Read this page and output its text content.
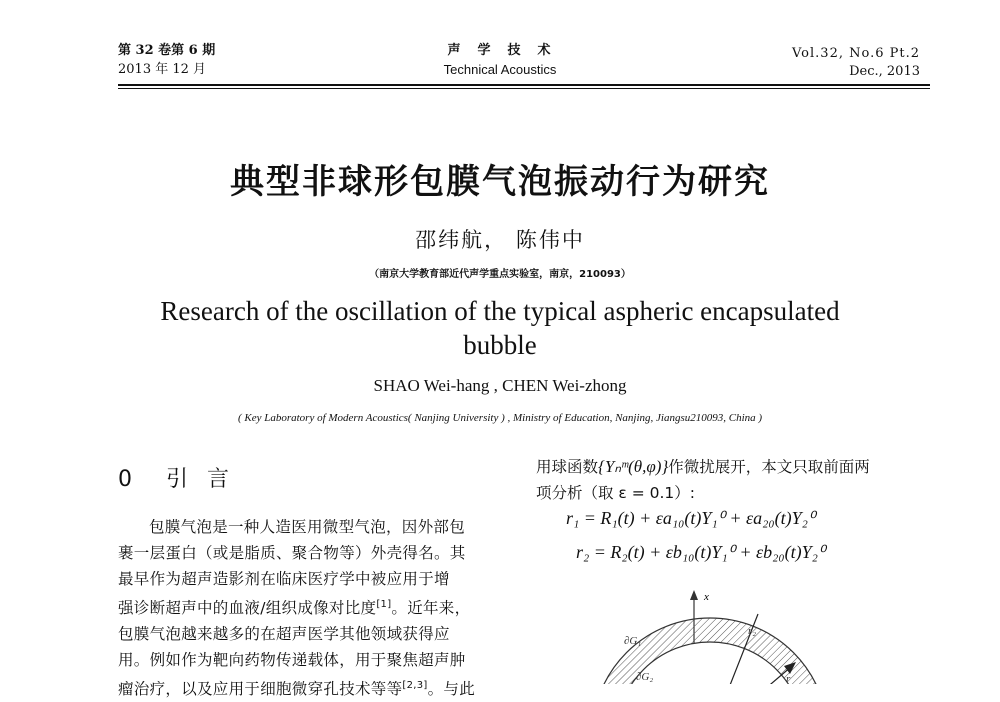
第 32 卷第 6 期
2013 年 12 月
声　学　技　术
Technical Acoustics
Vol.32, No.6 Pt.2
Dec., 2013
典型非球形包膜气泡振动行为研究
邵纬航， 陈伟中
（南京大学教育部近代声学重点实验室，南京，210093）
Research of the oscillation of the typical aspheric encapsulated
bubble
SHAO Wei-hang , CHEN Wei-zhong
( Key Laboratory of Modern Acoustics( Nanjing University ) , Ministry of Education, Nanjing, Jiangsu210093, China )
0　引 言
包膜气泡是一种人造医用微型气泡，因外部包
裹一层蛋白（或是脂质、聚合物等）外壳得名。其
最早作为超声造影剂在临床医疗学中被应用于增
强诊断超声中的血液/组织成像对比度[1]。近年来，
包膜气泡越来越多的在超声医学其他领域获得应
用。例如作为靶向药物传递载体，用于聚焦超声肿
瘤治疗，以及应用于细胞微穿孔技术等等[2,3]。与此
用球函数{Yₙᵐ(θ,φ)}作微扰展开，本文只取前面两
项分析（取 ε = 0.1）:
r₁ = R₁(t) + εa₁₀(t)Y₁⁰ + εa₂₀(t)Y₂⁰
r₂ = R₂(t) + εb₁₀(t)Y₁⁰ + εb₂₀(t)Y₂⁰
x
∂G₁
∂G₂
r₂
r
